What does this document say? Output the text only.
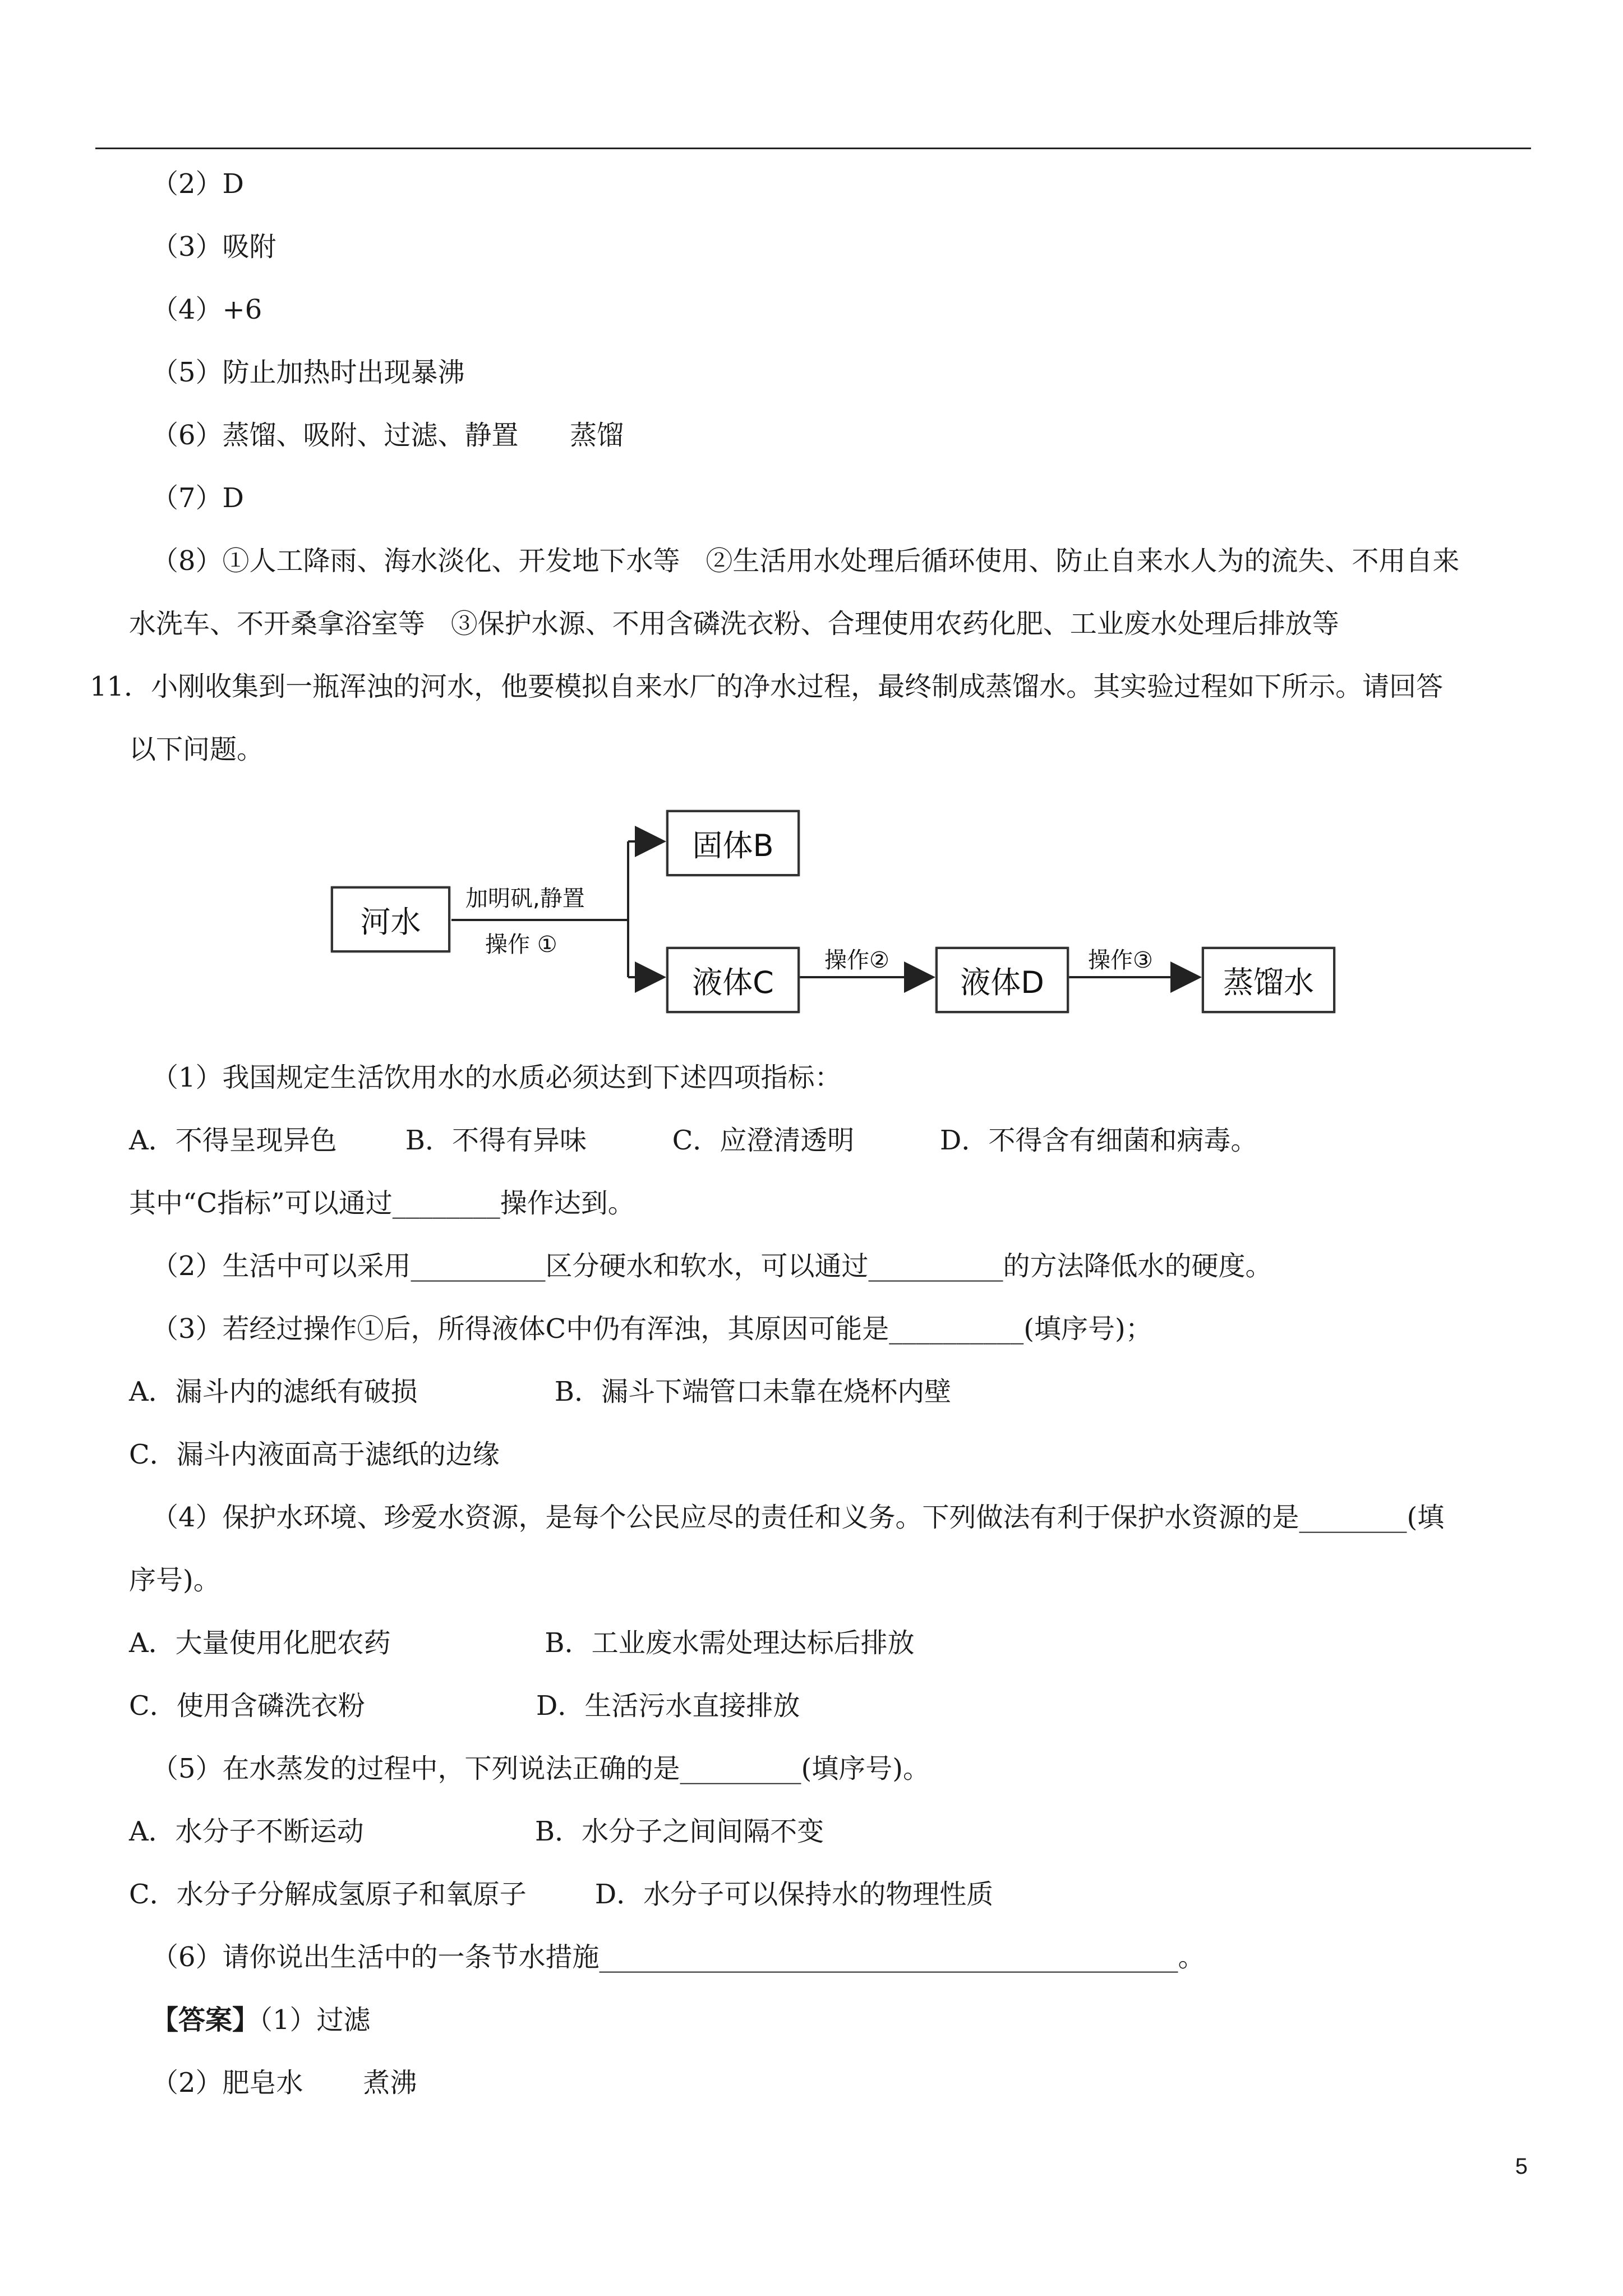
（2）D
（3）吸附
（4）+6
（5）防止加热时出现暴沸
（6）蒸馏、吸附、过滤、静置      蒸馏
（7）D
（8）①人工降雨、海水淡化、开发地下水等   ②生活用水处理后循环使用、防止自来水人为的流失、不用自来
水洗车、不开桑拿浴室等   ③保护水源、不用含磷洗衣粉、合理使用农药化肥、工业废水处理后排放等
11．小刚收集到一瓶浑浊的河水，他要模拟自来水厂的净水过程，最终制成蒸馏水。其实验过程如下所示。请回答
以下问题。
河水
加明矾,静置
操作 ①
固体B
液体C
操作②
液体D
操作③
蒸馏水
（1）我国规定生活饮用水的水质必须达到下述四项指标：
A．不得呈现异色        B．不得有异味          C．应澄清透明          D．不得含有细菌和病毒。
其中“C指标”可以通过________操作达到。
（2）生活中可以采用__________区分硬水和软水，可以通过__________的方法降低水的硬度。
（3）若经过操作①后，所得液体C中仍有浑浊，其原因可能是__________(填序号)；
A．漏斗内的滤纸有破损                B．漏斗下端管口未靠在烧杯内壁
C．漏斗内液面高于滤纸的边缘
（4）保护水环境、珍爱水资源，是每个公民应尽的责任和义务。下列做法有利于保护水资源的是________(填
序号)。
A．大量使用化肥农药                  B．工业废水需处理达标后排放
C．使用含磷洗衣粉                    D．生活污水直接排放
（5）在水蒸发的过程中，下列说法正确的是_________(填序号)。
A．水分子不断运动                    B．水分子之间间隔不变
C．水分子分解成氢原子和氧原子        D．水分子可以保持水的物理性质
（6）请你说出生活中的一条节水措施___________________________________________。
【答案】（1）过滤
（2）肥皂水       煮沸
5
